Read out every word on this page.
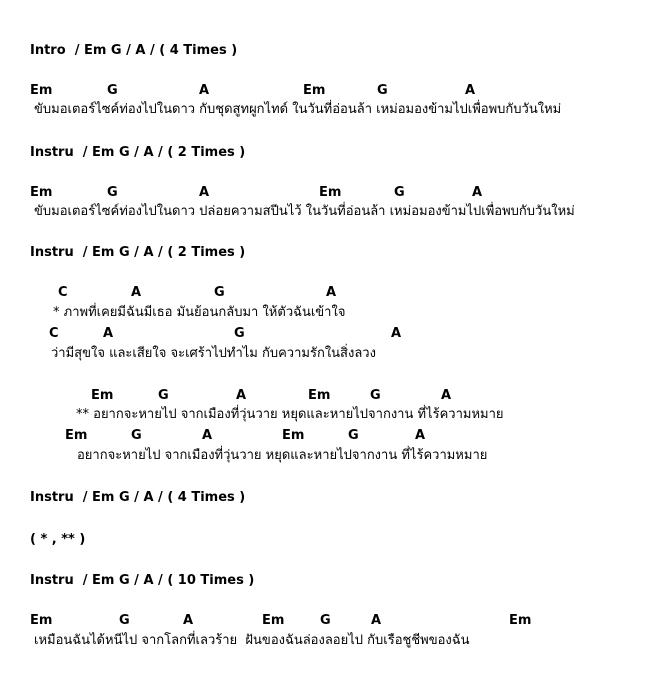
Intro  / Em G / A / ( 4 Times )
Em	G	A	Em	G	A
ขับมอเตอร์ไซค์ท่องไปในดาว กับชุดสูทผูกไทด์ ในวันที่อ่อนล้า เหม่อมองข้ามไปเพื่อพบกับวันใหม่
Instru  / Em G / A / ( 2 Times )
Em	G	A	Em	G	A
ขับมอเตอร์ไซค์ท่องไปในดาว ปล่อยความสปีนไว้ ในวันที่อ่อนล้า เหม่อมองข้ามไปเพื่อพบกับวันใหม่
Instru  / Em G / A / ( 2 Times )
C	A	G	A
* ภาพที่เคยมีฉันมีเธอ มันย้อนกลับมา ให้ตัวฉันเข้าใจ
C	A	G	A
ว่ามีสุขใจ และเสียใจ จะเศร้าไปทำไม กับความรักในสิ่งลวง
Em	G	A	Em	G	A
** อยากจะหายไป จากเมืองที่วุ่นวาย หยุดและหายไปจากงาน ที่ไร้ความหมาย
Em	G	A	Em	G	A
อยากจะหายไป จากเมืองที่วุ่นวาย หยุดและหายไปจากงาน ที่ไร้ความหมาย
Instru  / Em G / A / ( 4 Times )
( * , ** )
Instru  / Em G / A / ( 10 Times )
Em	G	A	Em	G	A	Em
เหมือนฉันได้หนีไป จากโลกที่เลวร้าย  ฝันของฉันล่องลอยไป กับเรือชูชีพของฉัน
